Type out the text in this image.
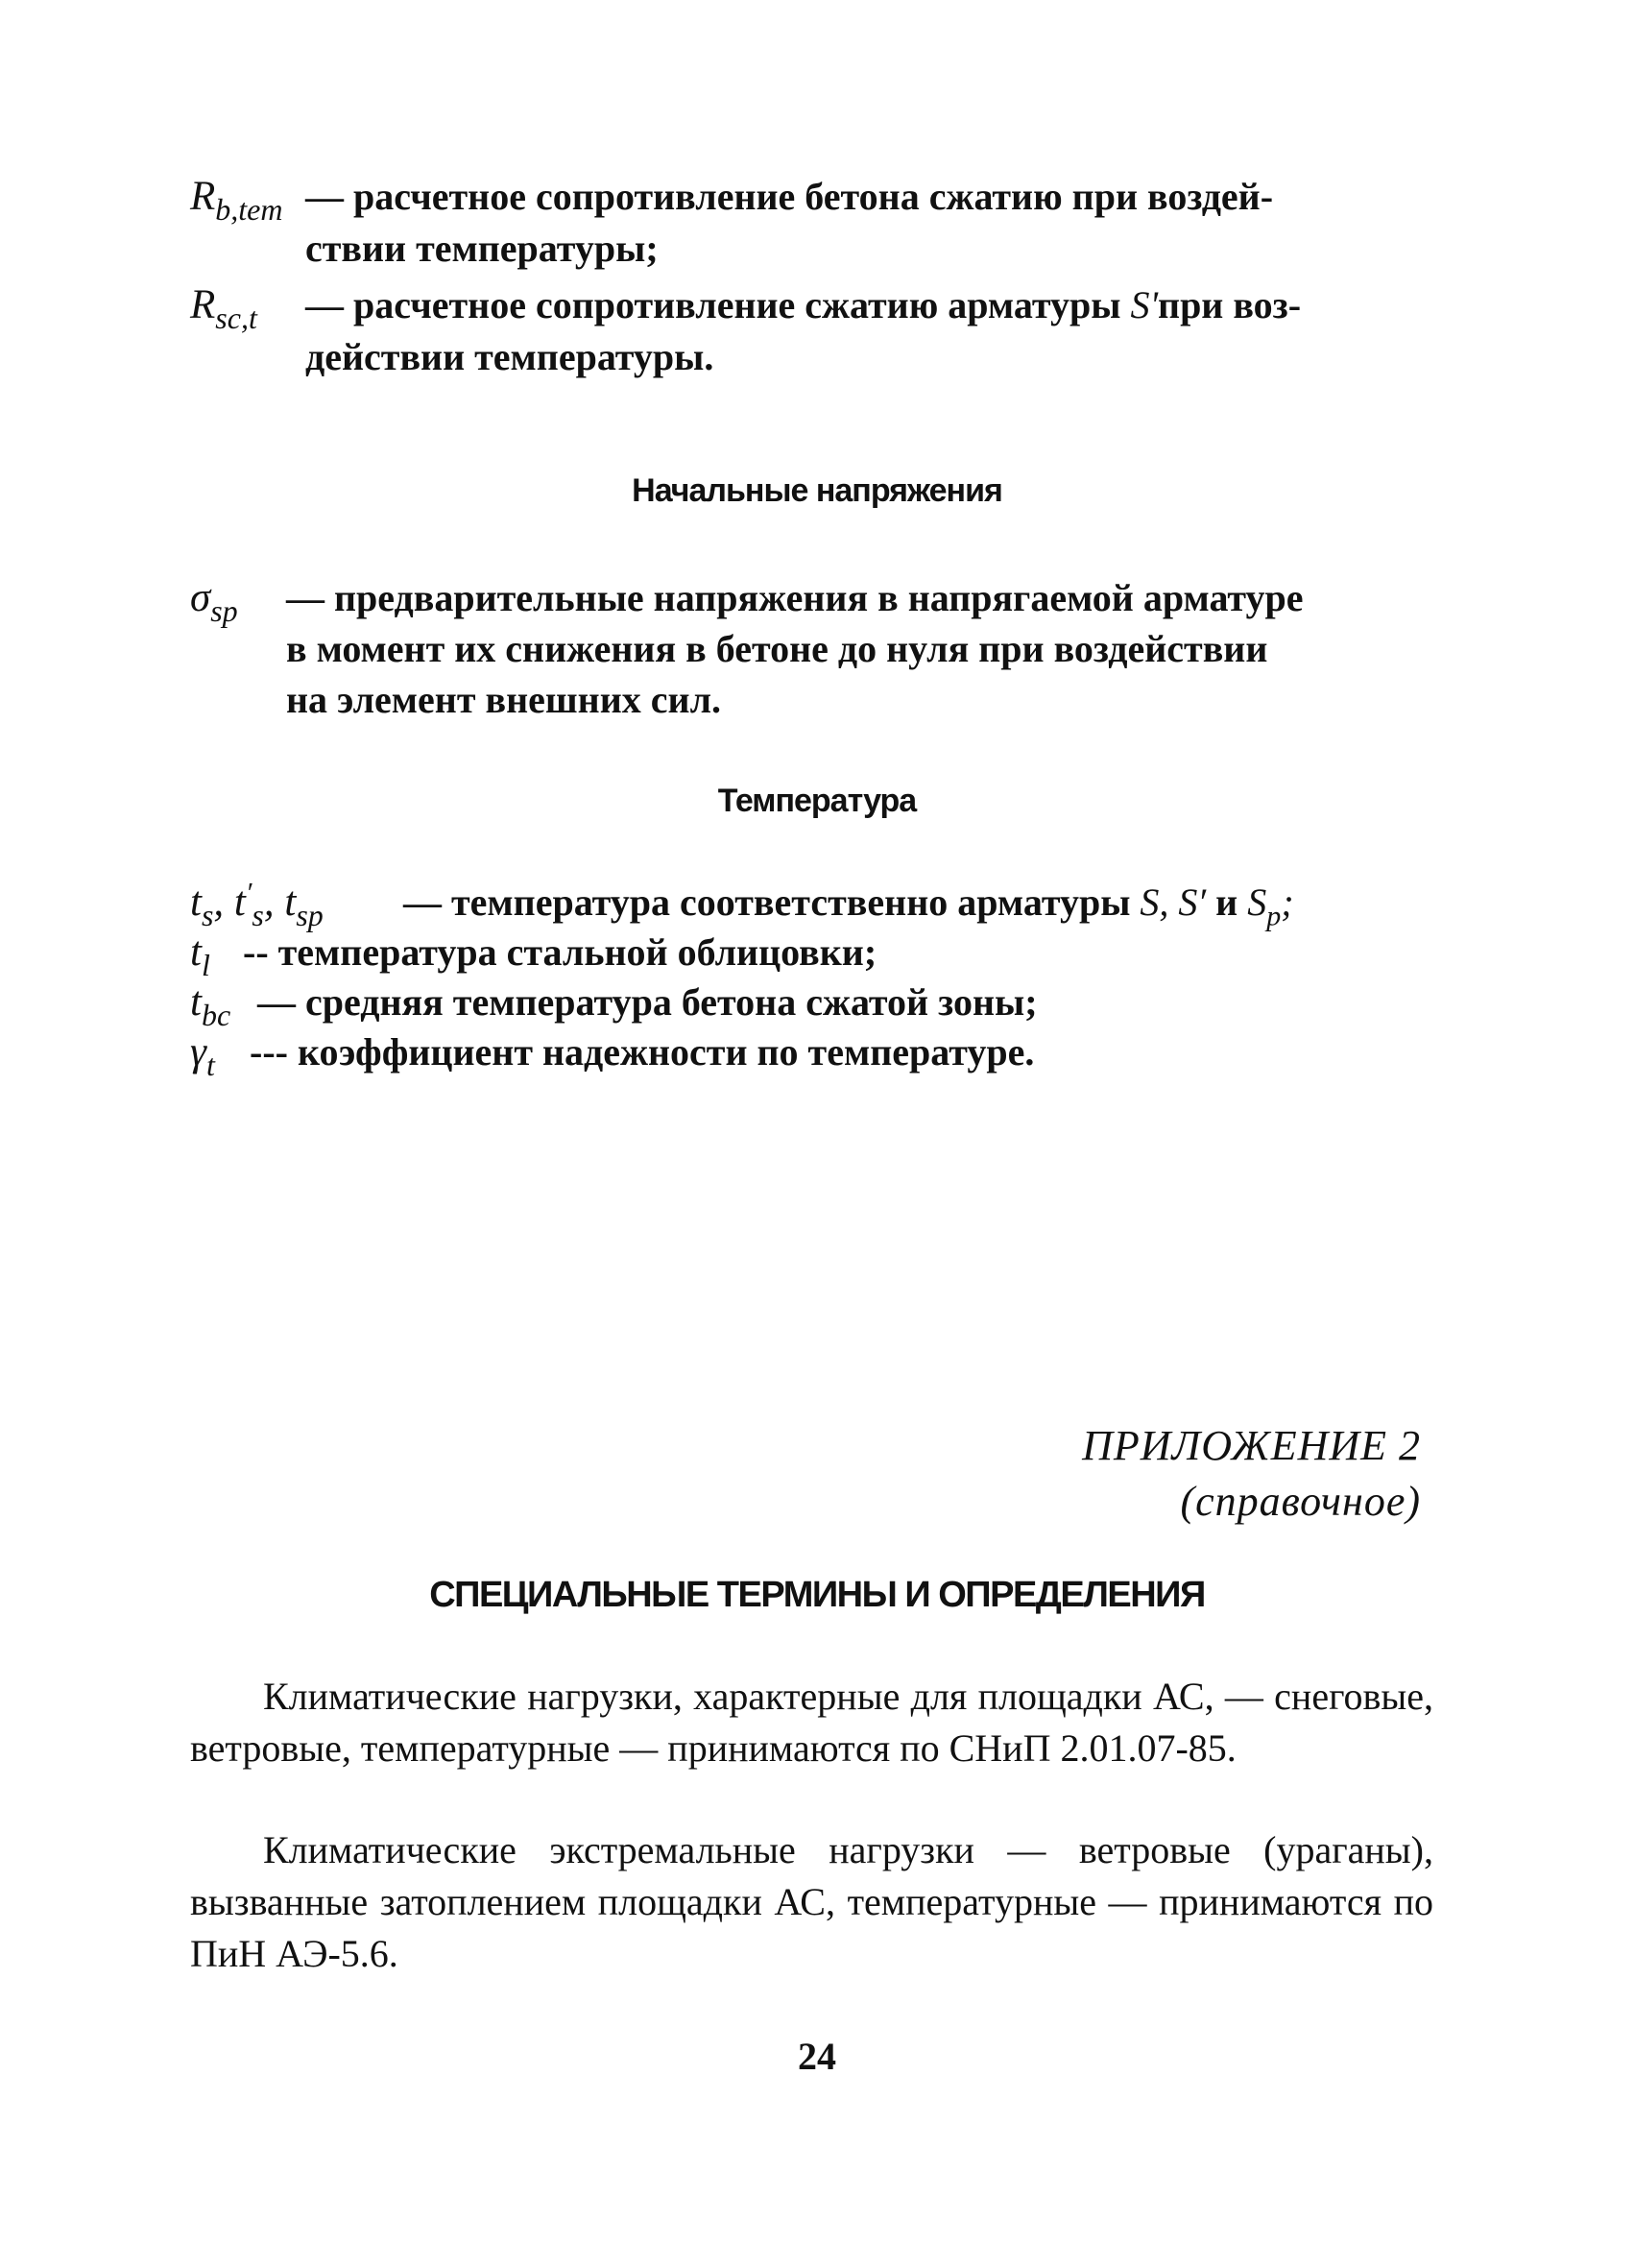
$R_{b,tem}$ — расчетное сопротивление бетона сжатию при воздей-
ствии температуры;
$R_{sc,t}$ — расчетное сопротивление сжатию арматуры S'при воз-
действии температуры.
Начальные напряжения
$\sigma_{sp}$ — предварительные напряжения в напрягаемой арматуре
в момент их снижения в бетоне до нуля при воздействии
на элемент внешних сил.
Температура
$t_s$, $t'_s$, $t_{sp}$ — температура соответственно арматуры S, S′ и $S_p$;
$t_l$ -- температура стальной облицовки;
$t_{bc}$ — средняя температура бетона сжатой зоны;
$\gamma_t$ --- коэффициент надежности по температуре.
ПРИЛОЖЕНИЕ 2
(справочное)
СПЕЦИАЛЬНЫЕ ТЕРМИНЫ И ОПРЕДЕЛЕНИЯ
Климатические нагрузки, характерные для площадки АС, — снеговые, ветровые, температурные — принимаются по СНиП 2.01.07-85.
Климатические экстремальные нагрузки — ветровые (ураганы), вызванные затоплением площадки АС, температурные — принимаются по ПиН АЭ-5.6.
24
